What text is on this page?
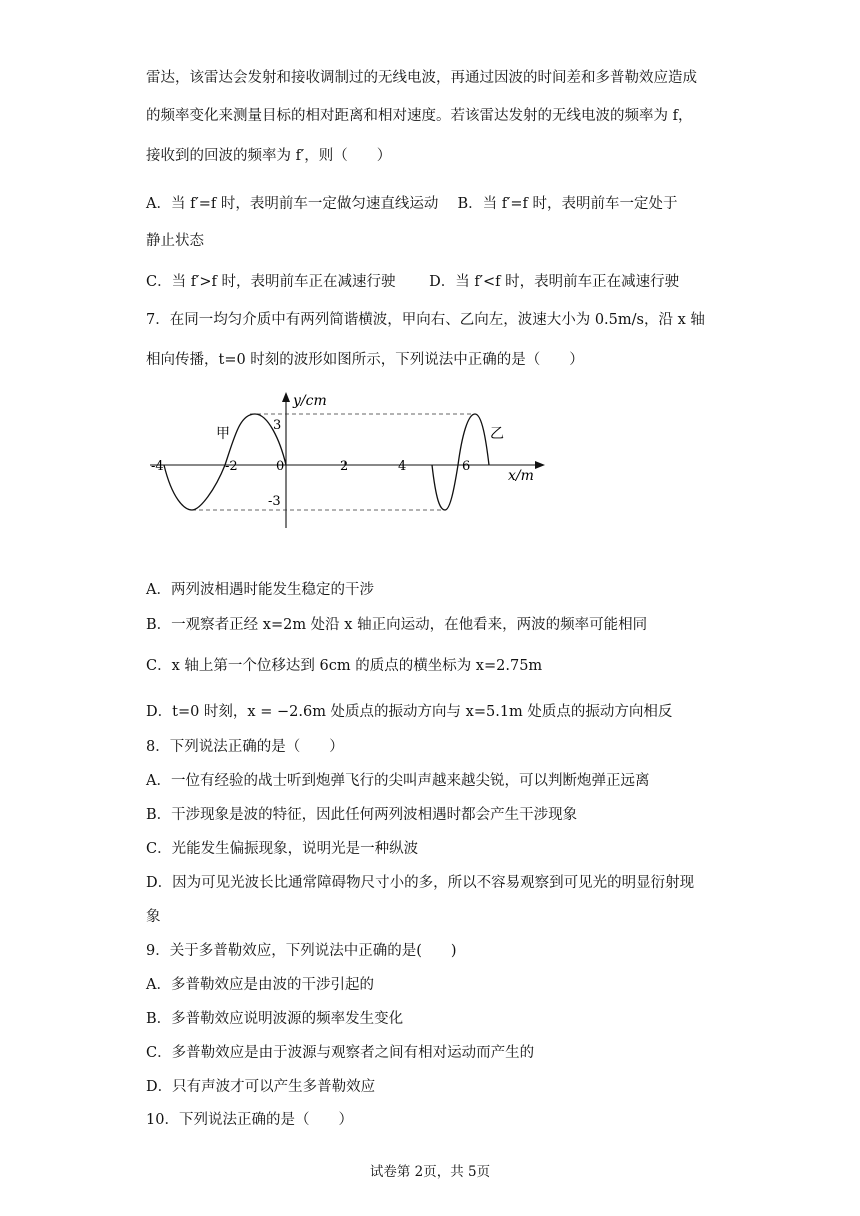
雷达，该雷达会发射和接收调制过的无线电波，再通过因波的时间差和多普勒效应造成
的频率变化来测量目标的相对距离和相对速度。若该雷达发射的无线电波的频率为 f，
接收到的回波的频率为 f′，则（　　）
A．当 f′=f 时，表明前车一定做匀速直线运动　 B．当 f′=f 时，表明前车一定处于
静止状态
C．当 f′>f 时，表明前车正在减速行驶　　 D．当 f′<f 时，表明前车正在减速行驶
7．在同一均匀介质中有两列简谐横波，甲向右、乙向左，波速大小为 0.5m/s，沿 x 轴
相向传播，t=0 时刻的波形如图所示，下列说法中正确的是（　　）
y/cm
x/m
甲	乙
3
-3
-4	-2	0	2	4	6
A．两列波相遇时能发生稳定的干涉
B．一观察者正经 x=2m 处沿 x 轴正向运动，在他看来，两波的频率可能相同
C．x 轴上第一个位移达到 6cm 的质点的横坐标为 x=2.75m
D．t=0 时刻，x = −2.6m 处质点的振动方向与 x=5.1m 处质点的振动方向相反
8．下列说法正确的是（　　）
A．一位有经验的战士听到炮弹飞行的尖叫声越来越尖锐，可以判断炮弹正远离
B．干涉现象是波的特征，因此任何两列波相遇时都会产生干涉现象
C．光能发生偏振现象，说明光是一种纵波
D．因为可见光波长比通常障碍物尺寸小的多，所以不容易观察到可见光的明显衍射现
象
9．关于多普勒效应，下列说法中正确的是(　　)
A．多普勒效应是由波的干涉引起的
B．多普勒效应说明波源的频率发生变化
C．多普勒效应是由于波源与观察者之间有相对运动而产生的
D．只有声波才可以产生多普勒效应
10．下列说法正确的是（　　）
试卷第 2页，共 5页
